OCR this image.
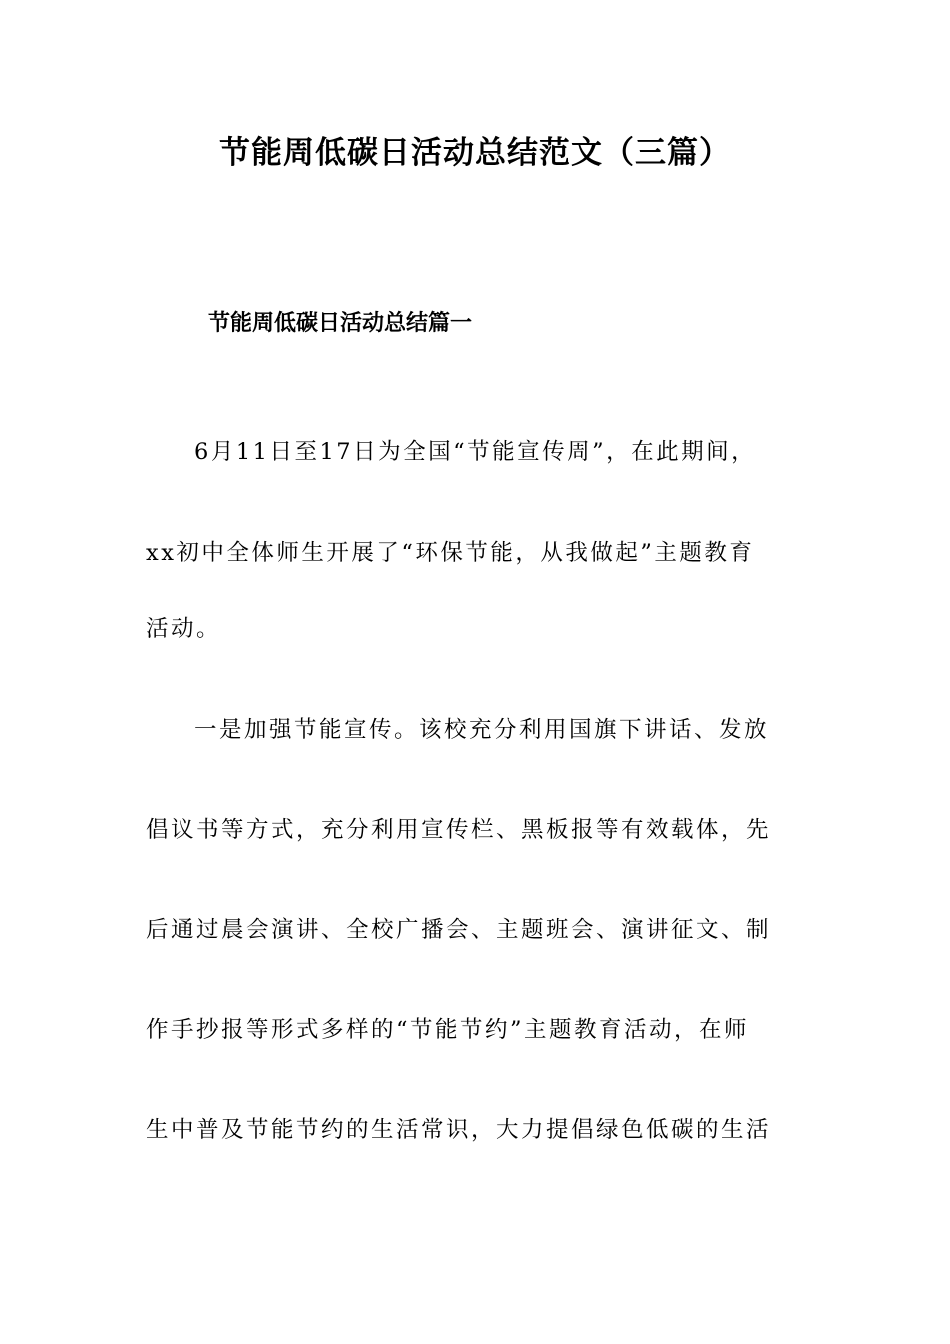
节能周低碳日活动总结范文（三篇）
节能周低碳日活动总结篇一

6月11日至17日为全国“节能宣传周”，在此期间，

xx初中全体师生开展了“环保节能，从我做起”主题教育

活动。

一是加强节能宣传。该校充分利用国旗下讲话、发放

倡议书等方式，充分利用宣传栏、黑板报等有效载体，先

后通过晨会演讲、全校广播会、主题班会、演讲征文、制

作手抄报等形式多样的“节能节约”主题教育活动，在师

生中普及节能节约的生活常识，大力提倡绿色低碳的生活
